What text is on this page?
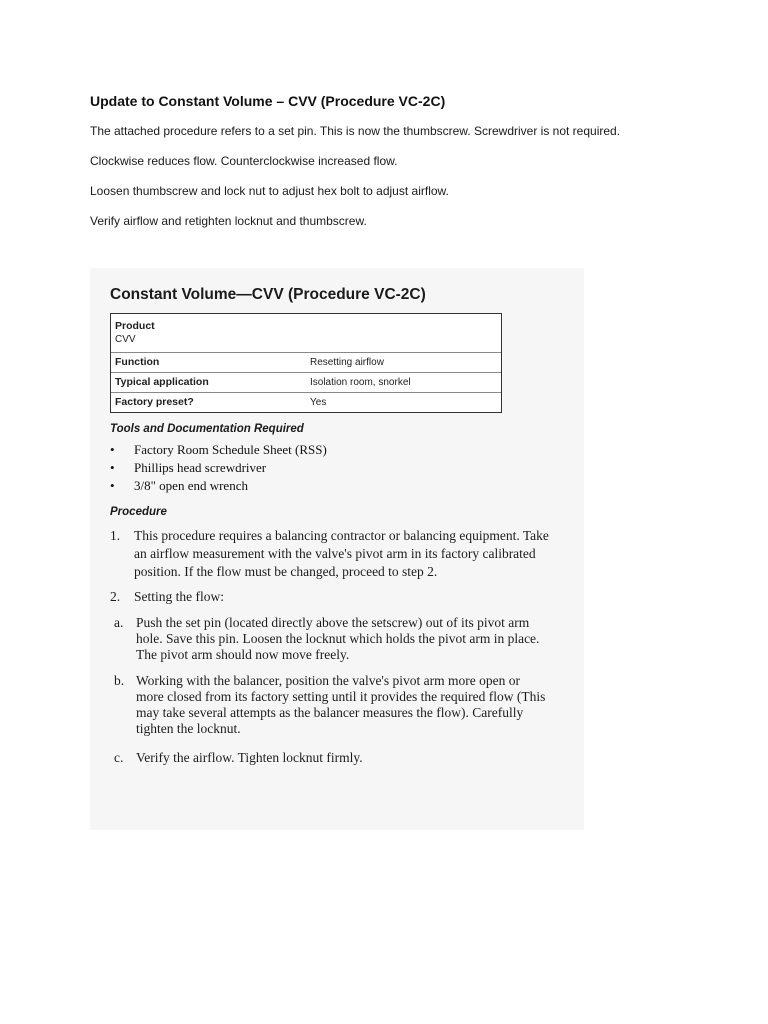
Update to Constant Volume – CVV (Procedure VC-2C)

The attached procedure refers to a set pin. This is now the thumbscrew. Screwdriver is not required.

Clockwise reduces flow. Counterclockwise increased flow.

Loosen thumbscrew and lock nut to adjust hex bolt to adjust airflow.

Verify airflow and retighten locknut and thumbscrew.

Constant Volume—CVV (Procedure VC-2C)
Product
CVV
Function	Resetting airflow
Typical application	Isolation room, snorkel
Factory preset?	Yes
Tools and Documentation Required
• Factory Room Schedule Sheet (RSS)
• Phillips head screwdriver
• 3/8" open end wrench
Procedure
1. This procedure requires a balancing contractor or balancing equipment. Take an airflow measurement with the valve's pivot arm in its factory calibrated position. If the flow must be changed, proceed to step 2.
2. Setting the flow:
a. Push the set pin (located directly above the setscrew) out of its pivot arm hole. Save this pin. Loosen the locknut which holds the pivot arm in place. The pivot arm should now move freely.
b. Working with the balancer, position the valve's pivot arm more open or more closed from its factory setting until it provides the required flow (This may take several attempts as the balancer measures the flow). Carefully tighten the locknut.
c. Verify the airflow. Tighten locknut firmly.
